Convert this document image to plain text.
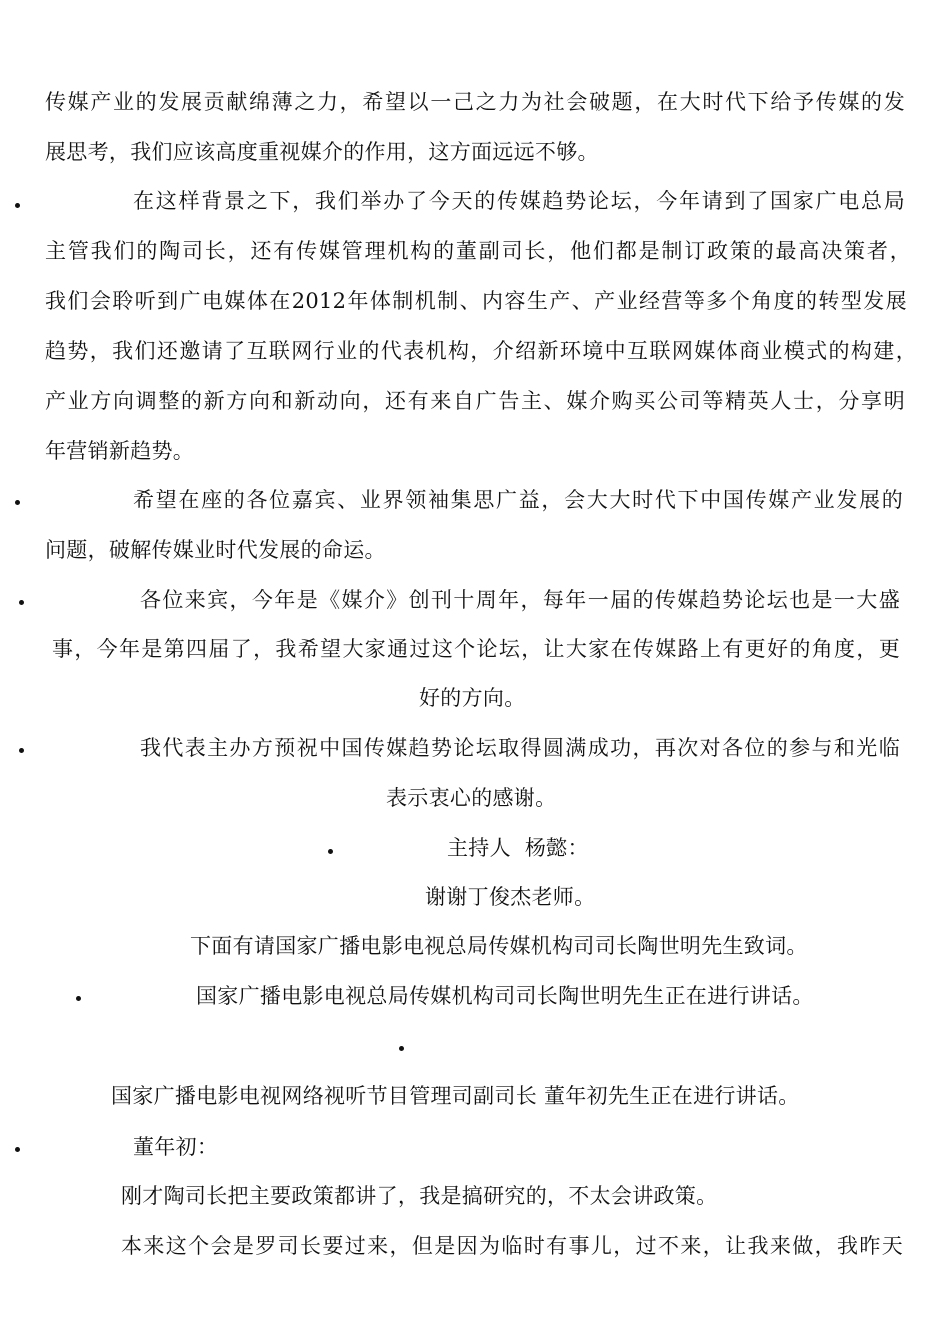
传媒产业的发展贡献绵薄之力，希望以一己之力为社会破题，在大时代下给予传媒的发
展思考，我们应该高度重视媒介的作用，这方面远远不够。
在这样背景之下，我们举办了今天的传媒趋势论坛，今年请到了国家广电总局
主管我们的陶司长，还有传媒管理机构的董副司长，他们都是制订政策的最高决策者，
我们会聆听到广电媒体在2012年体制机制、内容生产、产业经营等多个角度的转型发展
趋势，我们还邀请了互联网行业的代表机构，介绍新环境中互联网媒体商业模式的构建，
产业方向调整的新方向和新动向，还有来自广告主、媒介购买公司等精英人士，分享明
年营销新趋势。
希望在座的各位嘉宾、业界领袖集思广益，会大大时代下中国传媒产业发展的
问题，破解传媒业时代发展的命运。
各位来宾，今年是《媒介》创刊十周年，每年一届的传媒趋势论坛也是一大盛
事，今年是第四届了，我希望大家通过这个论坛，让大家在传媒路上有更好的角度，更
好的方向。
我代表主办方预祝中国传媒趋势论坛取得圆满成功，再次对各位的参与和光临
表示衷心的感谢。
主持人  杨懿：
谢谢丁俊杰老师。
下面有请国家广播电影电视总局传媒机构司司长陶世明先生致词。
国家广播电影电视总局传媒机构司司长陶世明先生正在进行讲话。
国家广播电影电视网络视听节目管理司副司长 董年初先生正在进行讲话。
董年初：
刚才陶司长把主要政策都讲了，我是搞研究的，不太会讲政策。
本来这个会是罗司长要过来，但是因为临时有事儿，过不来，让我来做，我昨天
